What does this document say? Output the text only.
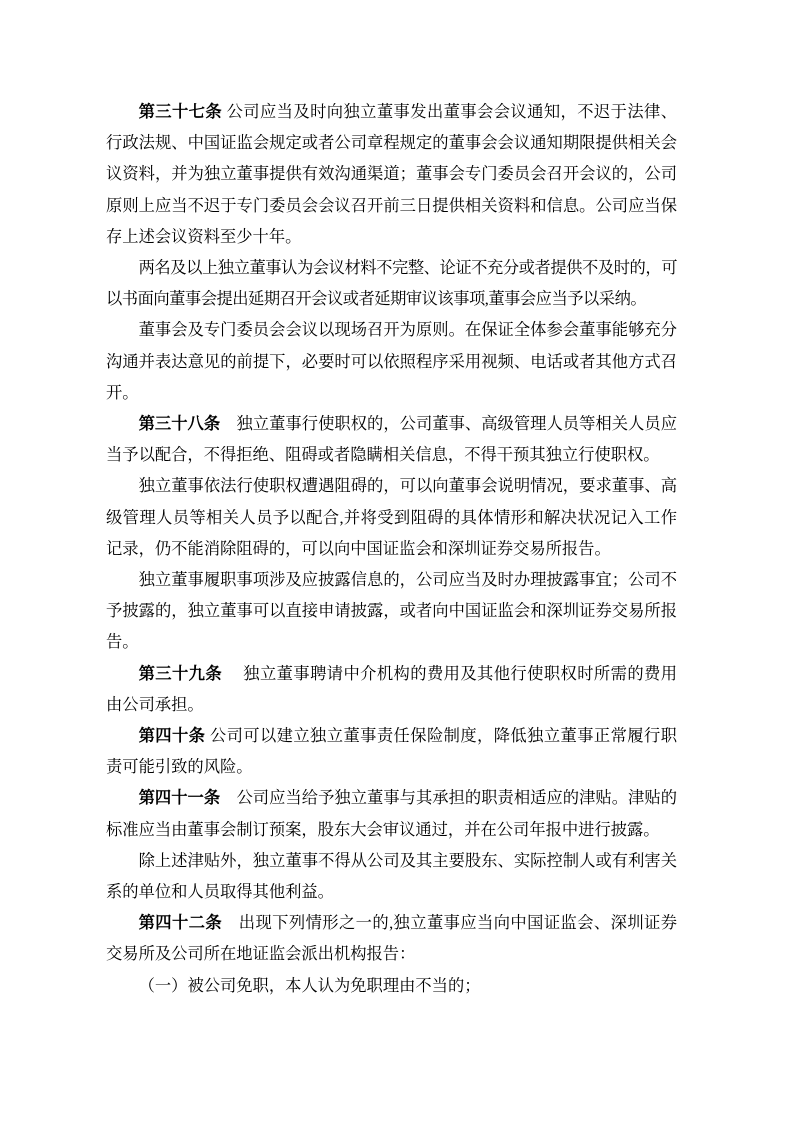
第三十七条 公司应当及时向独立董事发出董事会会议通知，不迟于法律、行政法规、中国证监会规定或者公司章程规定的董事会会议通知期限提供相关会议资料，并为独立董事提供有效沟通渠道；董事会专门委员会召开会议的，公司原则上应当不迟于专门委员会会议召开前三日提供相关资料和信息。公司应当保存上述会议资料至少十年。

两名及以上独立董事认为会议材料不完整、论证不充分或者提供不及时的，可以书面向董事会提出延期召开会议或者延期审议该事项,董事会应当予以采纳。

董事会及专门委员会会议以现场召开为原则。在保证全体参会董事能够充分沟通并表达意见的前提下，必要时可以依照程序采用视频、电话或者其他方式召开。

第三十八条　独立董事行使职权的，公司董事、高级管理人员等相关人员应当予以配合，不得拒绝、阻碍或者隐瞒相关信息，不得干预其独立行使职权。

独立董事依法行使职权遭遇阻碍的，可以向董事会说明情况，要求董事、高级管理人员等相关人员予以配合,并将受到阻碍的具体情形和解决状况记入工作记录，仍不能消除阻碍的，可以向中国证监会和深圳证券交易所报告。

独立董事履职事项涉及应披露信息的，公司应当及时办理披露事宜；公司不予披露的，独立董事可以直接申请披露，或者向中国证监会和深圳证券交易所报告。

第三十九条　 独立董事聘请中介机构的费用及其他行使职权时所需的费用由公司承担。

第四十条 公司可以建立独立董事责任保险制度，降低独立董事正常履行职责可能引致的风险。

第四十一条　公司应当给予独立董事与其承担的职责相适应的津贴。津贴的标准应当由董事会制订预案，股东大会审议通过，并在公司年报中进行披露。

除上述津贴外，独立董事不得从公司及其主要股东、实际控制人或有利害关系的单位和人员取得其他利益。

第四十二条　出现下列情形之一的,独立董事应当向中国证监会、深圳证券交易所及公司所在地证监会派出机构报告：

（一）被公司免职，本人认为免职理由不当的；
